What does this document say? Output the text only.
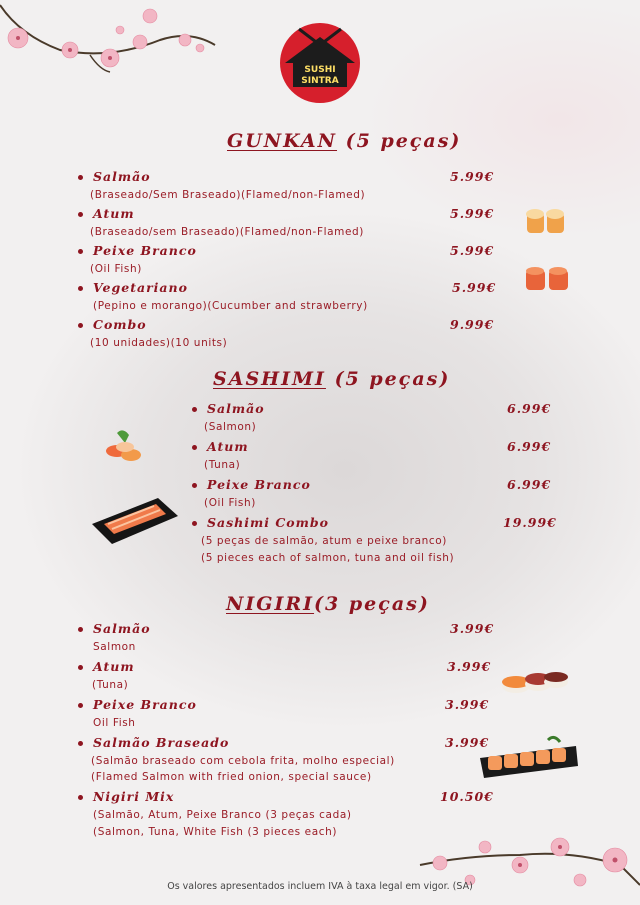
SUSHI
SINTRA
GUNKAN (5 peças)
Salmão	5.99€
(Braseado/Sem Braseado)(Flamed/non-Flamed)
Atum	5.99€
(Braseado/sem Braseado)(Flamed/non-Flamed)
Peixe Branco	5.99€
(Oil Fish)
Vegetariano	5.99€
(Pepino e morango)(Cucumber and strawberry)
Combo	9.99€
(10 unidades)(10 units)
SASHIMI (5 peças)
Salmão	6.99€
(Salmon)
Atum	6.99€
(Tuna)
Peixe Branco	6.99€
(Oil Fish)
Sashimi Combo	19.99€
(5 peças de salmão, atum e peixe branco)
(5 pieces each of salmon, tuna and oil fish)
NIGIRI(3 peças)
Salmão	3.99€
Salmon
Atum	3.99€
(Tuna)
Peixe Branco	3.99€
Oil Fish
Salmão Braseado	3.99€
(Salmão braseado com cebola frita, molho especial)
(Flamed Salmon with fried onion, special sauce)
Nigiri Mix	10.50€
(Salmão, Atum, Peixe Branco (3 peças cada)
(Salmon, Tuna, White Fish (3 pieces each)
Os valores apresentados incluem IVA à taxa legal em vigor. (SA)
